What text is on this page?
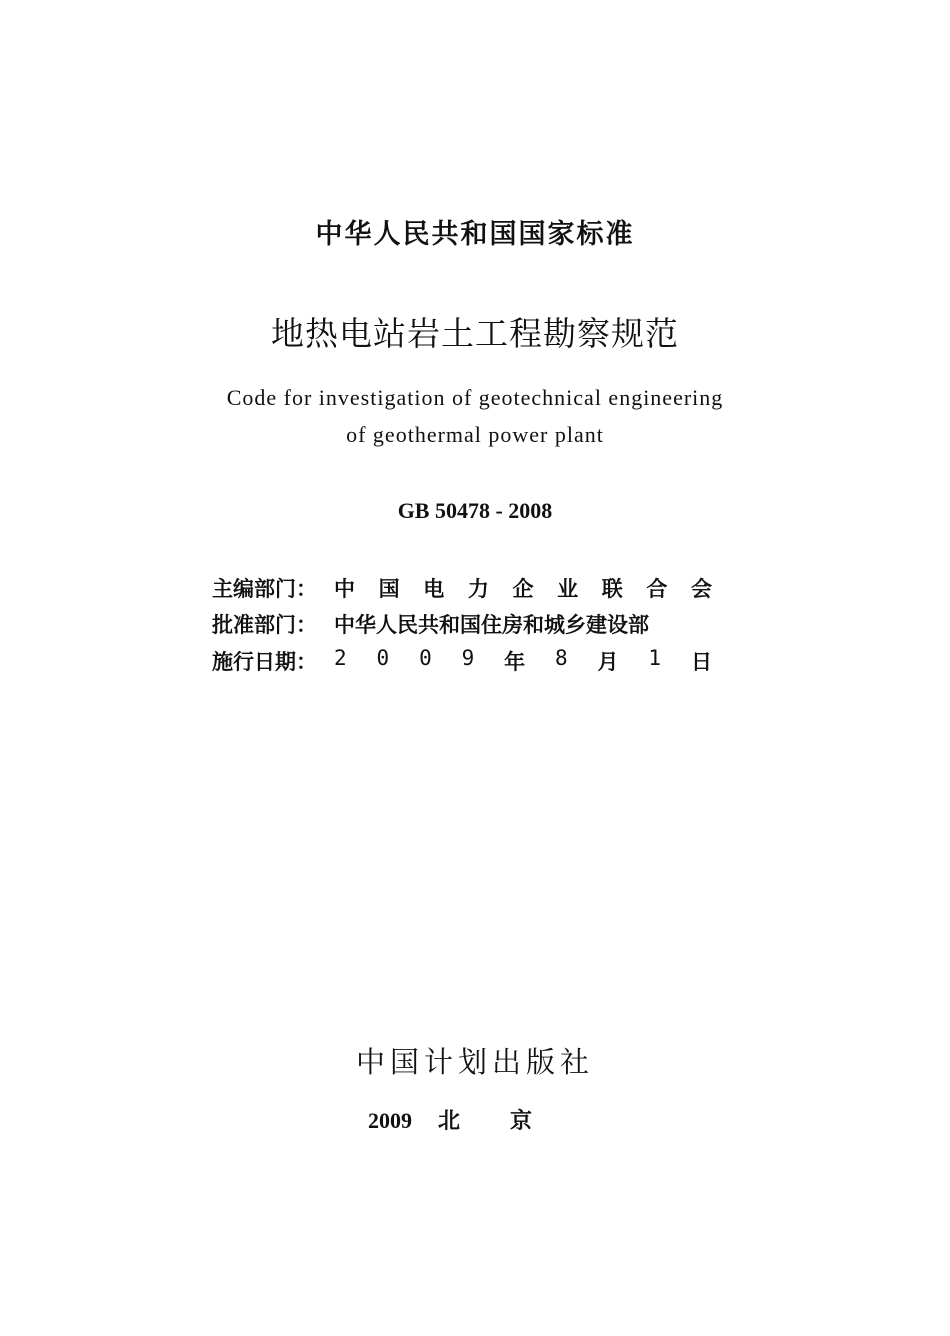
中华人民共和国国家标准
地热电站岩土工程勘察规范
Code for investigation of geotechnical engineering
of geothermal power plant
GB 50478 - 2008
主编部门： 中 国 电 力 企 业 联 合 会
批准部门： 中华人民共和国住房和城乡建设部
施行日期： 2 0 0 9 年 8 月 1 日
中国计划出版社
2009 北京
